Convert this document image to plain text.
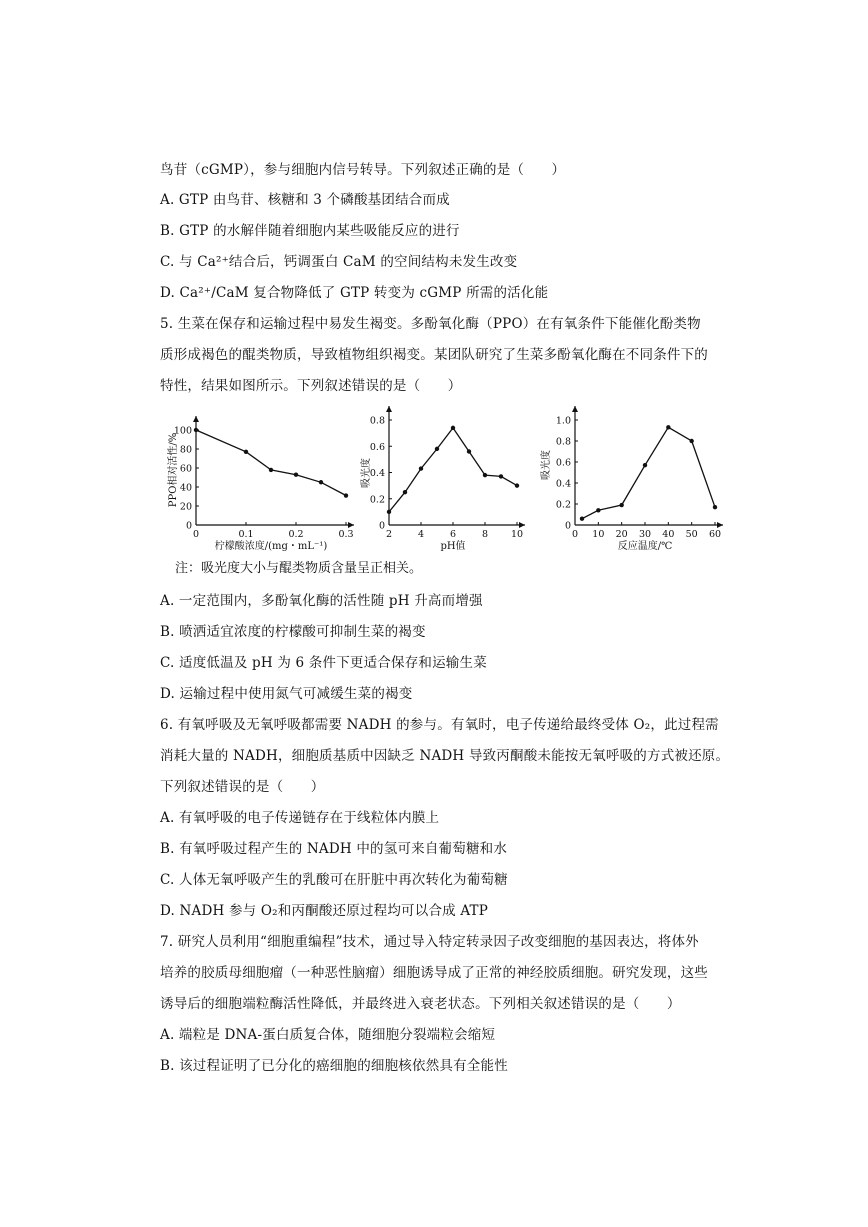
鸟苷（cGMP），参与细胞内信号转导。下列叙述正确的是（　　）
A. GTP 由鸟苷、核糖和 3 个磷酸基团结合而成
B. GTP 的水解伴随着细胞内某些吸能反应的进行
C. 与 Ca²⁺结合后，钙调蛋白 CaM 的空间结构未发生改变
D. Ca²⁺/CaM 复合物降低了 GTP 转变为 cGMP 所需的活化能
5. 生菜在保存和运输过程中易发生褐变。多酚氧化酶（PPO）在有氧条件下能催化酚类物
质形成褐色的醌类物质，导致植物组织褐变。某团队研究了生菜多酚氧化酶在不同条件下的
特性，结果如图所示。下列叙述错误的是（　　）
0
20
40
60
80
100
0	0.1	0.2	0.3
柠檬酸浓度/(mg・mL⁻¹)
PPO相对活性/%
0
0.2
0.4
0.6
0.8
2	4	6	8 10
pH值
吸光度
0
0.2
0.4
0.6
0.8
1.0
0 10 20 30 40 50 60
反应温度/℃
吸光度
注：吸光度大小与醌类物质含量呈正相关。
A. 一定范围内，多酚氧化酶的活性随 pH 升高而增强
B. 喷洒适宜浓度的柠檬酸可抑制生菜的褐变
C. 适度低温及 pH 为 6 条件下更适合保存和运输生菜
D. 运输过程中使用氮气可减缓生菜的褐变
6. 有氧呼吸及无氧呼吸都需要 NADH 的参与。有氧时，电子传递给最终受体 O₂，此过程需
消耗大量的 NADH，细胞质基质中因缺乏 NADH 导致丙酮酸未能按无氧呼吸的方式被还原。
下列叙述错误的是（　　）
A. 有氧呼吸的电子传递链存在于线粒体内膜上
B. 有氧呼吸过程产生的 NADH 中的氢可来自葡萄糖和水
C. 人体无氧呼吸产生的乳酸可在肝脏中再次转化为葡萄糖
D. NADH 参与 O₂和丙酮酸还原过程均可以合成 ATP
7. 研究人员利用“细胞重编程”技术，通过导入特定转录因子改变细胞的基因表达，将体外
培养的胶质母细胞瘤（一种恶性脑瘤）细胞诱导成了正常的神经胶质细胞。研究发现，这些
诱导后的细胞端粒酶活性降低，并最终进入衰老状态。下列相关叙述错误的是（　　）
A. 端粒是 DNA-蛋白质复合体，随细胞分裂端粒会缩短
B. 该过程证明了已分化的癌细胞的细胞核依然具有全能性
